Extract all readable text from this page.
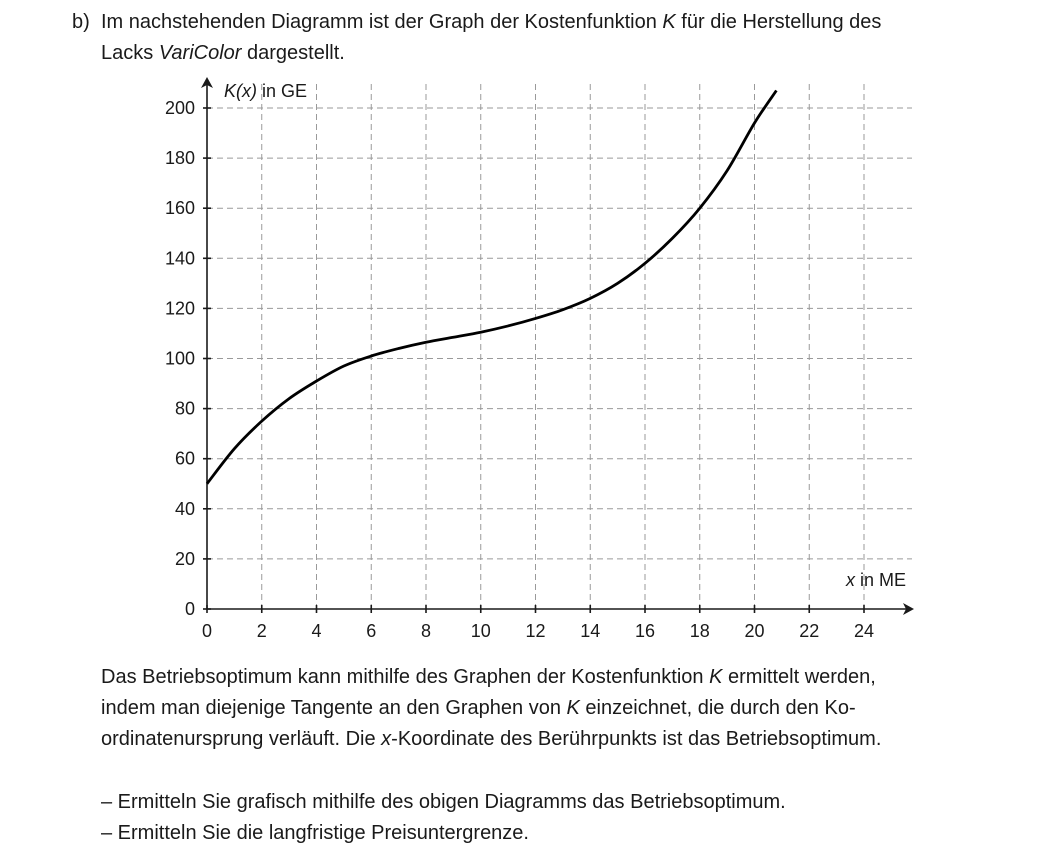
b) Im nachstehenden Diagramm ist der Graph der Kostenfunktion K für die Herstellung des
Lacks VariColor dargestellt.
0 2 4 6 8 10 12 14 16 18 20 22 24
0
20
40
60
80
100
120
140
160
180
200
K(x) in GE
x in ME
Das Betriebsoptimum kann mithilfe des Graphen der Kostenfunktion K ermittelt werden,
indem man diejenige Tangente an den Graphen von K einzeichnet, die durch den Ko-
ordinatenursprung verläuft. Die x-Koordinate des Berührpunkts ist das Betriebsoptimum.
– Ermitteln Sie grafisch mithilfe des obigen Diagramms das Betriebsoptimum.
– Ermitteln Sie die langfristige Preisuntergrenze.
